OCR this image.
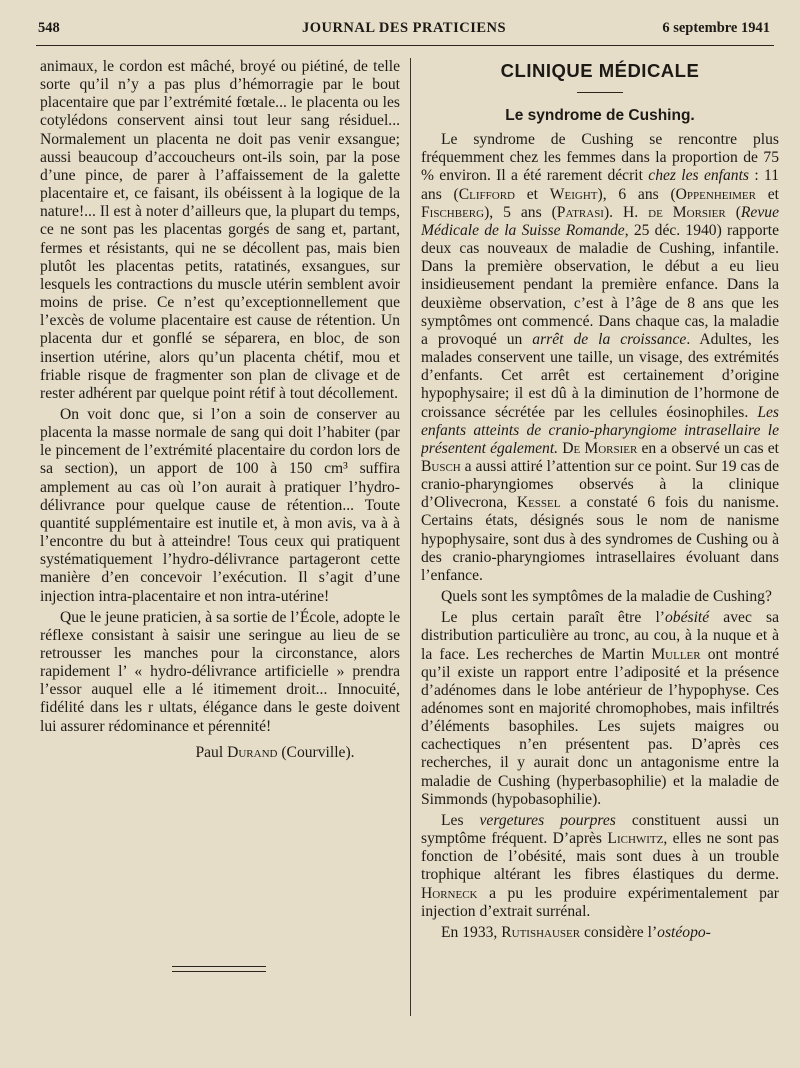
548	JOURNAL DES PRATICIENS	6 septembre 1941

animaux, le cordon est mâché, broyé ou piétiné, de telle sorte qu’il n’y a pas plus d’hémorragie par le bout placentaire que par l’extrémité fœtale... le placenta ou les cotylédons conservent ainsi tout leur sang résiduel... Normalement un placenta ne doit pas venir exsangue; aussi beaucoup d’accoucheurs ont-ils soin, par la pose d’une pince, de parer à l’affaissement de la galette placentaire et, ce faisant, ils obéissent à la logique de la nature!... Il est à noter d’ailleurs que, la plupart du temps, ce ne sont pas les placentas gorgés de sang et, partant, fermes et résistants, qui ne se décollent pas, mais bien plutôt les placentas petits, ratatinés, exsangues, sur lesquels les contractions du muscle utérin semblent avoir moins de prise. Ce n’est qu’exceptionnellement que l’excès de volume placentaire est cause de rétention. Un placenta dur et gonflé se séparera, en bloc, de son insertion utérine, alors qu’un placenta chétif, mou et friable risque de fragmenter son plan de clivage et de rester adhérent par quelque point rétif à tout décollement.

On voit donc que, si l’on a soin de conserver au placenta la masse normale de sang qui doit l’habiter (par le pincement de l’extrémité placentaire du cordon lors de sa section), un apport de 100 à 150 cm³ suffira amplement au cas où l’on aurait à pratiquer l’hydro-délivrance pour quelque cause de rétention... Toute quantité supplémentaire est inutile et, à mon avis, va à à l’encontre du but à atteindre! Tous ceux qui pratiquent systématiquement l’hydro-délivrance partageront cette manière d’en concevoir l’exécution. Il s’agit d’une injection intra-placentaire et non intra-utérine!

Que le jeune praticien, à sa sortie de l’École, adopte le réflexe consistant à saisir une seringue au lieu de se retrousser les manches pour la circonstance, alors rapidement l’ « hydro-délivrance artificielle » prendra l’essor auquel elle a lé itimement droit... Innocuité, fidélité dans les r ultats, élégance dans le geste doivent lui assurer rédominance et pérennité!

Paul Durand (Courville).

CLINIQUE MÉDICALE

Le syndrome de Cushing.

Le syndrome de Cushing se rencontre plus fréquemment chez les femmes dans la proportion de 75 % environ. Il a été rarement décrit chez les enfants : 11 ans (Clifford et Weight), 6 ans (Oppenheimer et Fischberg), 5 ans (Patrasi). H. de Morsier (Revue Médicale de la Suisse Romande, 25 déc. 1940) rapporte deux cas nouveaux de maladie de Cushing, infantile. Dans la première observation, le début a eu lieu insidieusement pendant la première enfance. Dans la deuxième observation, c’est à l’âge de 8 ans que les symptômes ont commencé. Dans chaque cas, la maladie a provoqué un arrêt de la croissance. Adultes, les malades conservent une taille, un visage, des extrémités d’enfants. Cet arrêt est certainement d’origine hypophysaire; il est dû à la diminution de l’hormone de croissance sécrétée par les cellules éosinophiles. Les enfants atteints de cranio-pharyngiome intrasellaire le présentent également. De Morsier en a observé un cas et Busch a aussi attiré l’attention sur ce point. Sur 19 cas de cranio-pharyngiomes observés à la clinique d’Olivecrona, Kessel a constaté 6 fois du nanisme. Certains états, désignés sous le nom de nanisme hypophysaire, sont dus à des syndromes de Cushing ou à des cranio-pharyngiomes intrasellaires évoluant dans l’enfance.

Quels sont les symptômes de la maladie de Cushing?

Le plus certain paraît être l’obésité avec sa distribution particulière au tronc, au cou, à la nuque et à la face. Les recherches de Martin Muller ont montré qu’il existe un rapport entre l’adiposité et la présence d’adénomes dans le lobe antérieur de l’hypophyse. Ces adénomes sont en majorité chromophobes, mais infiltrés d’éléments basophiles. Les sujets maigres ou cachectiques n’en présentent pas. D’après ces recherches, il y aurait donc un antagonisme entre la maladie de Cushing (hyperbasophilie) et la maladie de Simmonds (hypobasophilie).

Les vergetures pourpres constituent aussi un symptôme fréquent. D’après Lichwitz, elles ne sont pas fonction de l’obésité, mais sont dues à un trouble trophique altérant les fibres élastiques du derme. Horneck a pu les produire expérimentalement par injection d’extrait surrénal.

En 1933, Rutishauser considère l’ostéopo-
